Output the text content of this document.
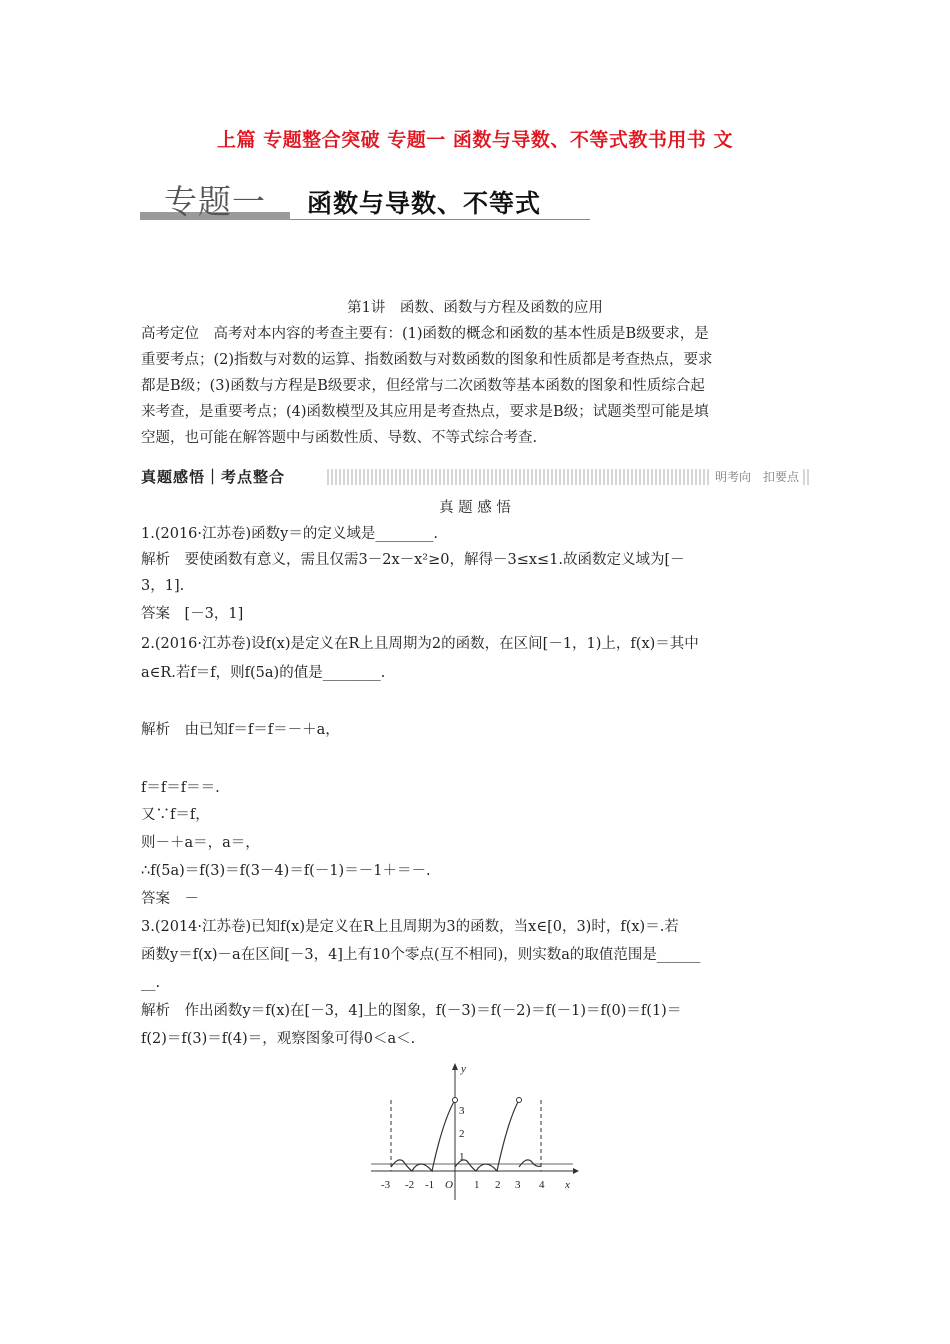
上篇 专题整合突破 专题一 函数与导数、不等式教书用书 文
专题一 函数与导数、不等式
第1讲　函数、函数与方程及函数的应用
高考定位　高考对本内容的考查主要有：(1)函数的概念和函数的基本性质是B级要求，是
重要考点；(2)指数与对数的运算、指数函数与对数函数的图象和性质都是考查热点，要求
都是B级；(3)函数与方程是B级要求，但经常与二次函数等基本函数的图象和性质综合起
来考查，是重要考点；(4)函数模型及其应用是考查热点，要求是B级；试题类型可能是填
空题，也可能在解答题中与函数性质、导数、不等式综合考查.
真题感悟｜考点整合	明考向　扣要点
真 题 感 悟
1.(2016·江苏卷)函数y＝的定义域是________.
解析　要使函数有意义，需且仅需3－2x－x²≥0，解得－3≤x≤1.故函数定义域为[－
3，1].
答案　[－3，1]
2.(2016·江苏卷)设f(x)是定义在R上且周期为2的函数，在区间[－1，1)上，f(x)＝其中
a∈R.若f＝f，则f(5a)的值是________.
解析　由已知f＝f＝f＝－＋a，
f＝f＝f＝＝.
又∵f＝f，
则－＋a＝，a＝，
∴f(5a)＝f(3)＝f(3－4)＝f(－1)＝－1＋＝－.
答案　－
3.(2014·江苏卷)已知f(x)是定义在R上且周期为3的函数，当x∈[0，3)时，f(x)＝.若
函数y＝f(x)－a在区间[－3，4]上有10个零点(互不相同)，则实数a的取值范围是______
__.
解析　作出函数y＝f(x)在[－3，4]上的图象，f(－3)＝f(－2)＝f(－1)＝f(0)＝f(1)＝
f(2)＝f(3)＝f(4)＝，观察图象可得0＜a＜.
y
x
O
-3 -2 -1	1 2 3 4
1
2
3
